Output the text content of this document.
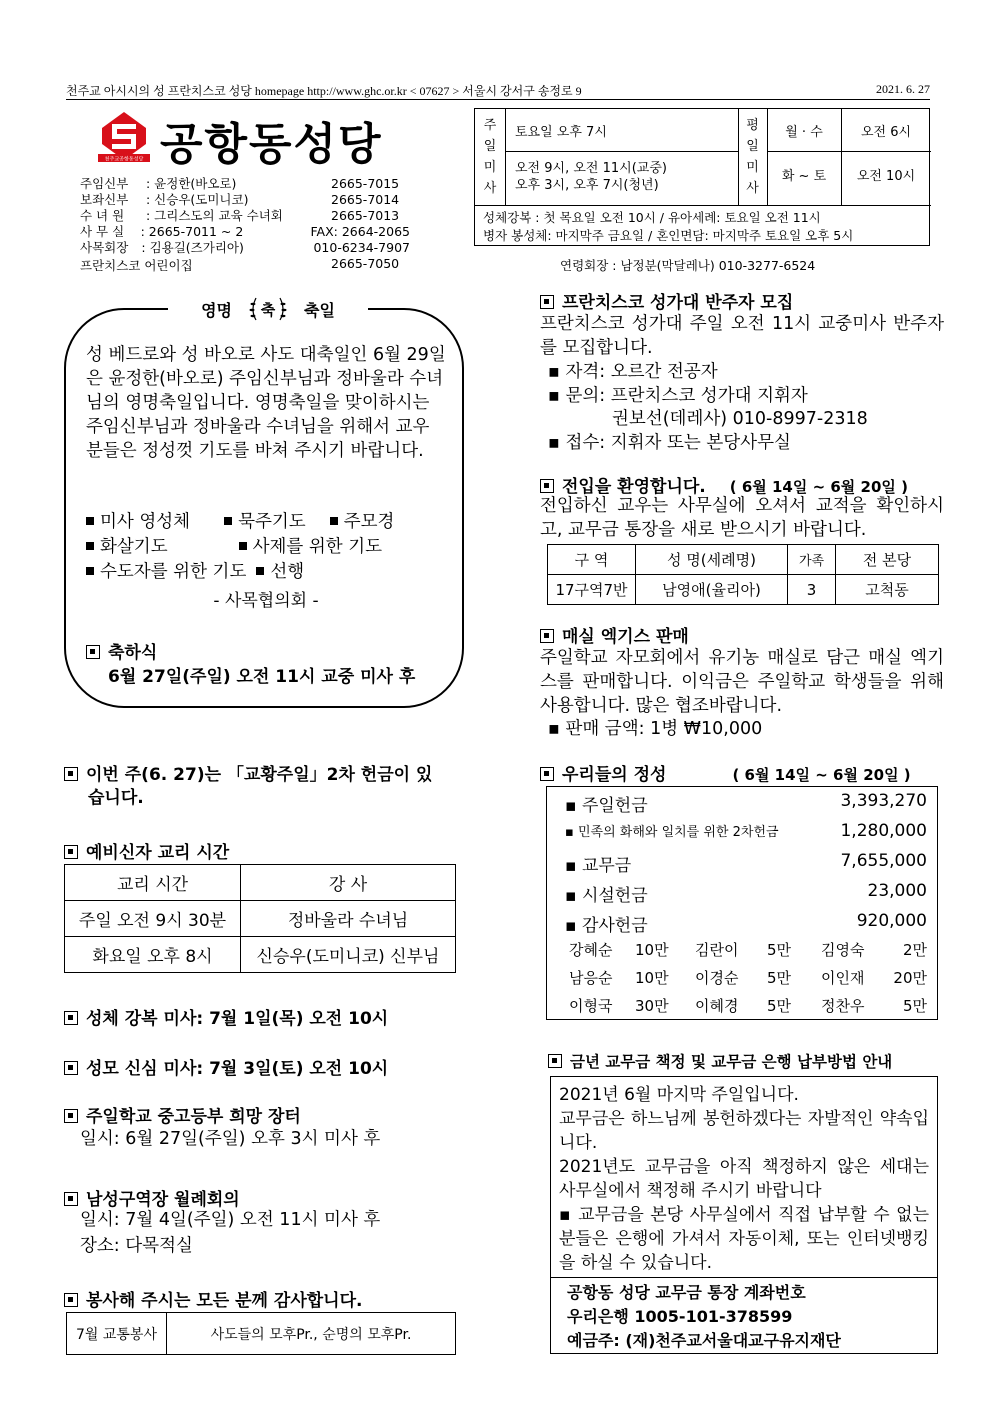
천주교 아시시의 성 프란치스코 성당 homepage http://www.ghc.or.kr < 07627 > 서울시 강서구 송정로 9	2021. 6. 27
천주교공항동성당 공항동성당
주임신부	: 윤정한(바오로)	2665-7015
보좌신부	: 신승우(도미니코)	2665-7014
수 녀 원	: 그리스도의 교육 수녀회	2665-7013
사 무 실	: 2665-7011 ~ 2	FAX: 2664-2065
사목회장	: 김용길(즈가리아)	010-6234-7907
프란치스코 어린이집	2665-7050
주일미사
토요일 오후 7시
오전 9시, 오전 11시(교중)
오후 3시, 오후 7시(청년)
평일미사
월 · 수	오전 6시
화 ~ 토	오전 10시
성체강복 : 첫 목요일 오전 10시 / 유아세례: 토요일 오전 11시
병자 봉성체: 마지막주 금요일 / 혼인면담: 마지막주 토요일 오후 5시
연령회장 : 남정분(막달레나) 010-3277-6524
영명 축 축일
성 베드로와 성 바오로 사도 대축일인 6월 29일은 윤정한(바오로) 주임신부님과 정바울라 수녀님의 영명축일입니다. 영명축일을 맞이하시는 주임신부님과 정바울라 수녀님을 위해서 교우분들은 정성껏 기도를 바쳐 주시기 바랍니다.
미사 영성체	묵주기도 주모경
화살기도	사제를 위한 기도
수도자를 위한 기도 선행
- 사목협의회 -
축하식
6월 27일(주일) 오전 11시 교중 미사 후
이번 주(6. 27)는 「교황주일」2차 헌금이 있
습니다.
예비신자 교리 시간
교리 시간	강 사
주일 오전 9시 30분	정바울라 수녀님
화요일 오후 8시	신승우(도미니코) 신부님
성체 강복 미사: 7월 1일(목) 오전 10시
성모 신심 미사: 7월 3일(토) 오전 10시
주일학교 중고등부 희망 장터
일시: 6월 27일(주일) 오후 3시 미사 후
남성구역장 월례회의
일시: 7월 4일(주일) 오전 11시 미사 후
장소: 다목적실
봉사해 주시는 모든 분께 감사합니다.
7월 교통봉사	사도들의 모후Pr., 순명의 모후Pr.
프란치스코 성가대 반주자 모집
프란치스코 성가대 주일 오전 11시 교중미사 반주자를 모집합니다.
▪ 자격: 오르간 전공자
▪ 문의: 프란치스코 성가대 지휘자
권보선(데레사) 010-8997-2318
▪ 접수: 지휘자 또는 본당사무실
전입을 환영합니다. ( 6월 14일 ~ 6월 20일 )
전입하신 교우는 사무실에 오셔서 교적을 확인하시고, 교무금 통장을 새로 받으시기 바랍니다.
구 역	성 명(세례명)	가족	전 본당
17구역7반	남영애(율리아)	3	고척동
매실 엑기스 판매
주일학교 자모회에서 유기농 매실로 담근 매실 엑기스를 판매합니다. 이익금은 주일학교 학생들을 위해 사용합니다. 많은 협조바랍니다.
▪ 판매 금액: 1병 ₩10,000
우리들의 정성	( 6월 14일 ~ 6월 20일 )
▪ 주일헌금	3,393,270
▪ 민족의 화해와 일치를 위한 2차헌금	1,280,000
▪ 교무금	7,655,000
▪ 시설헌금	23,000
▪ 감사헌금	920,000
강혜순	10만	김란이	5만	김영숙	2만
남응순	10만	이경순	5만	이인재	20만
이형국	30만	이혜경	5만	정찬우	5만
금년 교무금 책정 및 교무금 은행 납부방법 안내
2021년 6월 마지막 주일입니다.
교무금은 하느님께 봉헌하겠다는 자발적인 약속입니다.
2021년도 교무금을 아직 책정하지 않은 세대는 사무실에서 책정해 주시기 바랍니다
▪ 교무금을 본당 사무실에서 직접 납부할 수 없는 분들은 은행에 가셔서 자동이체, 또는 인터넷뱅킹을 하실 수 있습니다.
공항동 성당 교무금 통장 계좌번호
우리은행 1005-101-378599
예금주: (재)천주교서울대교구유지재단
